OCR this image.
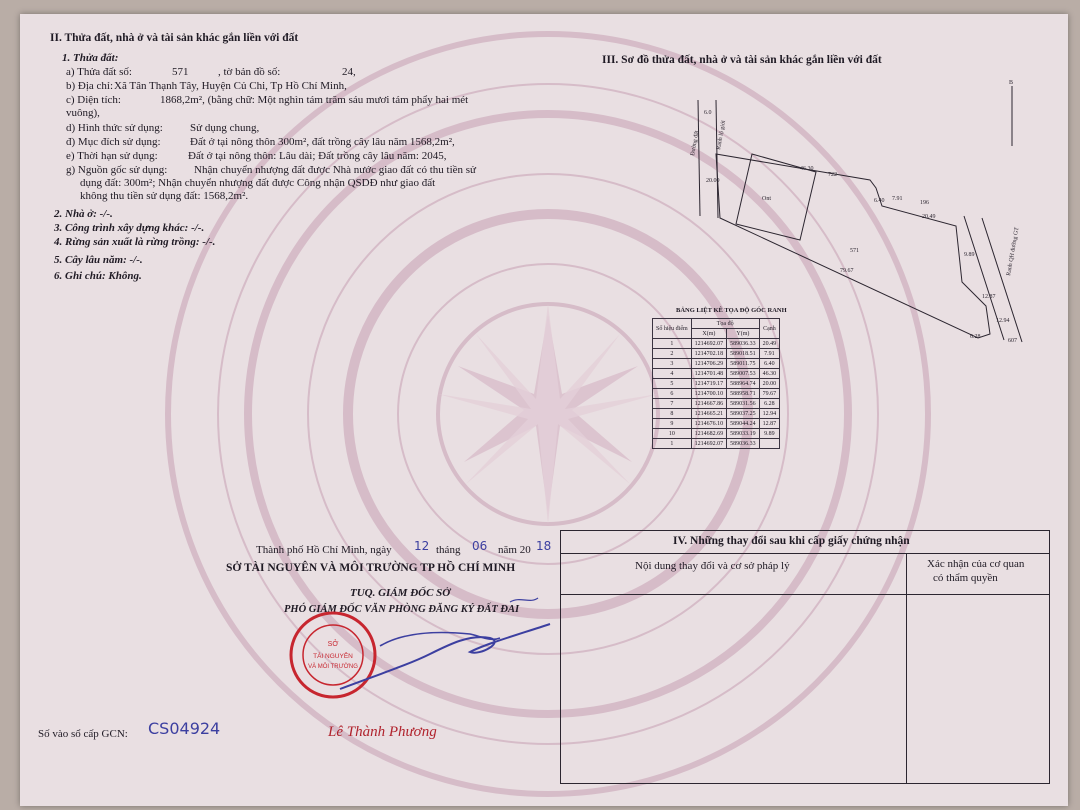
II. Thửa đất, nhà ở và tài sản khác gắn liền với đất
1. Thửa đất:
a) Thửa đất số:	571	, tờ bản đồ số:	24,
b) Địa chỉ: Xã Tân Thạnh Tây, Huyện Củ Chi, Tp Hồ Chí Minh,
c) Diện tích:	1868,2m², (bằng chữ: Một nghìn tám trăm sáu mươi tám phẩy hai mét
vuông),
d) Hình thức sử dụng: Sử dụng chung,
đ) Mục đích sử dụng:	Đất ở tại nông thôn 300m², đất trồng cây lâu năm 1568,2m²,
e) Thời hạn sử dụng:	Đất ở tại nông thôn: Lâu dài; Đất trồng cây lâu năm: 2045,
g) Nguồn gốc sử dụng: Nhận chuyển nhượng đất được Nhà nước giao đất có thu tiền sử
dụng đất: 300m²; Nhận chuyển nhượng đất được Công nhận QSDĐ như giao đất
không thu tiền sử dụng đất: 1568,2m².
2. Nhà ở: -/-.
3. Công trình xây dựng khác: -/-.
4. Rừng sản xuất là rừng trồng: -/-.
5. Cây lâu năm: -/-.
6. Ghi chú: Không.
III. Sơ đồ thửa đất, nhà ở và tài sản khác gắn liền với đất
Đường đất	Ranh lộ giới
6.0
Ont
571
722
196
607
Ranh QH đường GT
B
46.30
79.67
20.49
9.89
12.87
6.28
12.94
20.00
7.91
6.40
BẢNG LIỆT KÊ TỌA ĐỘ GÓC RANH
Số hiệu điểm	Tọa độ		Cạnh
	X(m)	Y(m)	
1	1214692.07	589036.33	20.49
2	1214702.18	589018.51	7.91
3	1214706.29	589011.75	6.40
4	1214701.48	589007.53	46.30
5	1214719.17	588964.74	20.00
6	1214700.10	588958.71	79.67
7	1214667.86	589031.56	6.28
8	1214665.21	589037.25	12.94
9	1214676.10	589044.24	12.87
10	1214682.69	589033.19	9.89
1	1214692.07	589036.33	
Thành phố Hồ Chí Minh, ngày 12 tháng 06 năm 20 18
SỞ TÀI NGUYÊN VÀ MÔI TRƯỜNG TP HỒ CHÍ MINH
TUQ. GIÁM ĐỐC SỞ
PHÓ GIÁM ĐỐC VĂN PHÒNG ĐĂNG KÝ ĐẤT ĐAI
SỞ
TÀI NGUYÊN
VÀ MÔI TRƯỜNG
Lê Thành Phương
IV. Những thay đổi sau khi cấp giấy chứng nhận
Nội dung thay đổi và cơ sở pháp lý	Xác nhận của cơ quan
có thẩm quyền
Số vào sổ cấp GCN: CS04924
